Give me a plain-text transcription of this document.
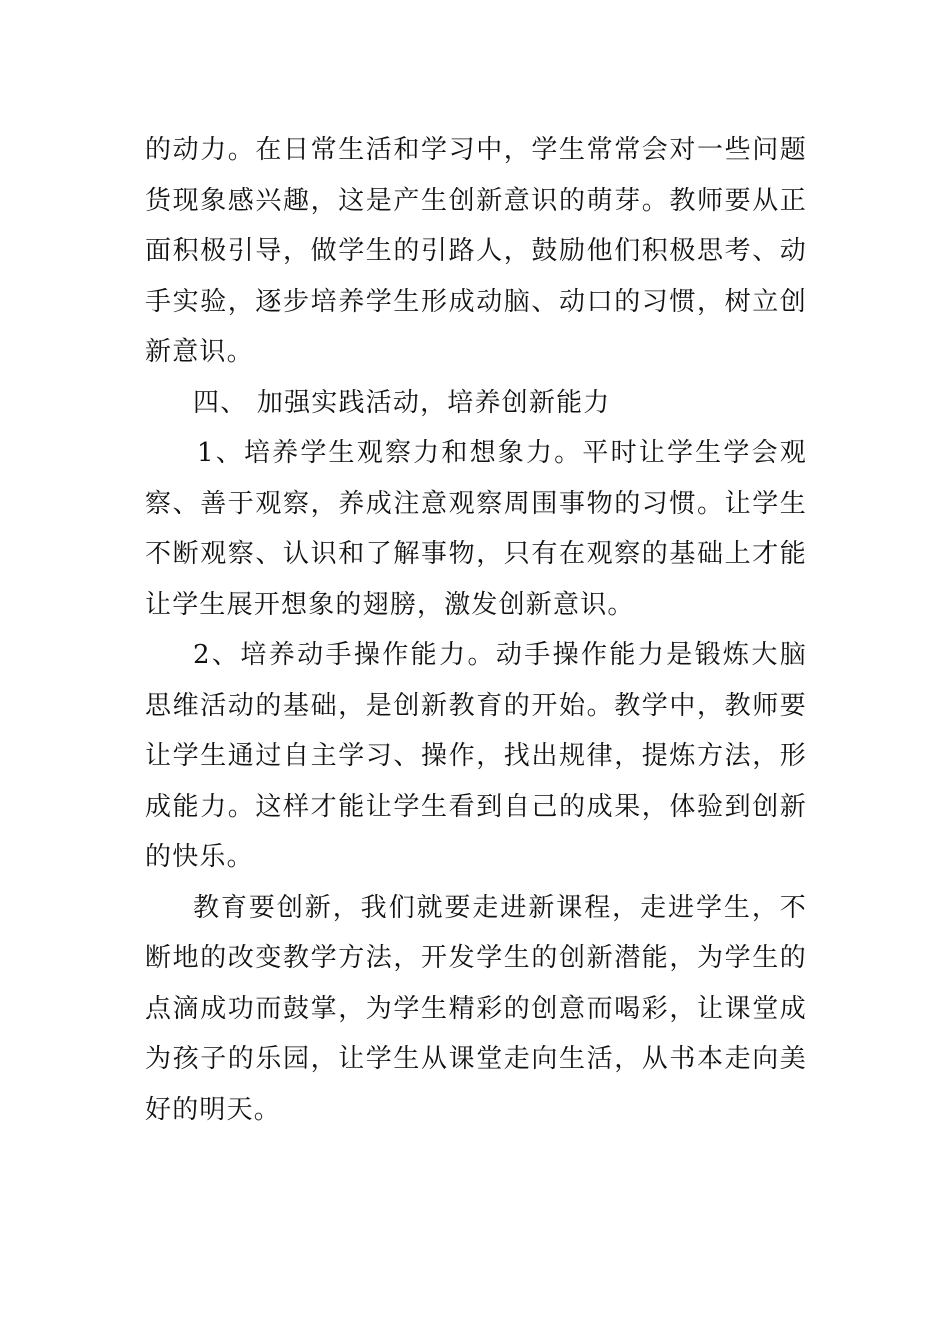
的动力。在日常生活和学习中，学生常常会对一些问题货现象感兴趣，这是产生创新意识的萌芽。教师要从正面积极引导，做学生的引路人，鼓励他们积极思考、动手实验，逐步培养学生形成动脑、动口的习惯，树立创新意识。

四、 加强实践活动，培养创新能力

1、培养学生观察力和想象力。平时让学生学会观察、善于观察，养成注意观察周围事物的习惯。让学生不断观察、认识和了解事物，只有在观察的基础上才能让学生展开想象的翅膀，激发创新意识。

2、培养动手操作能力。动手操作能力是锻炼大脑思维活动的基础，是创新教育的开始。教学中，教师要让学生通过自主学习、操作，找出规律，提炼方法，形成能力。这样才能让学生看到自己的成果，体验到创新的快乐。

教育要创新，我们就要走进新课程，走进学生，不断地的改变教学方法，开发学生的创新潜能，为学生的点滴成功而鼓掌，为学生精彩的创意而喝彩，让课堂成为孩子的乐园，让学生从课堂走向生活，从书本走向美好的明天。
